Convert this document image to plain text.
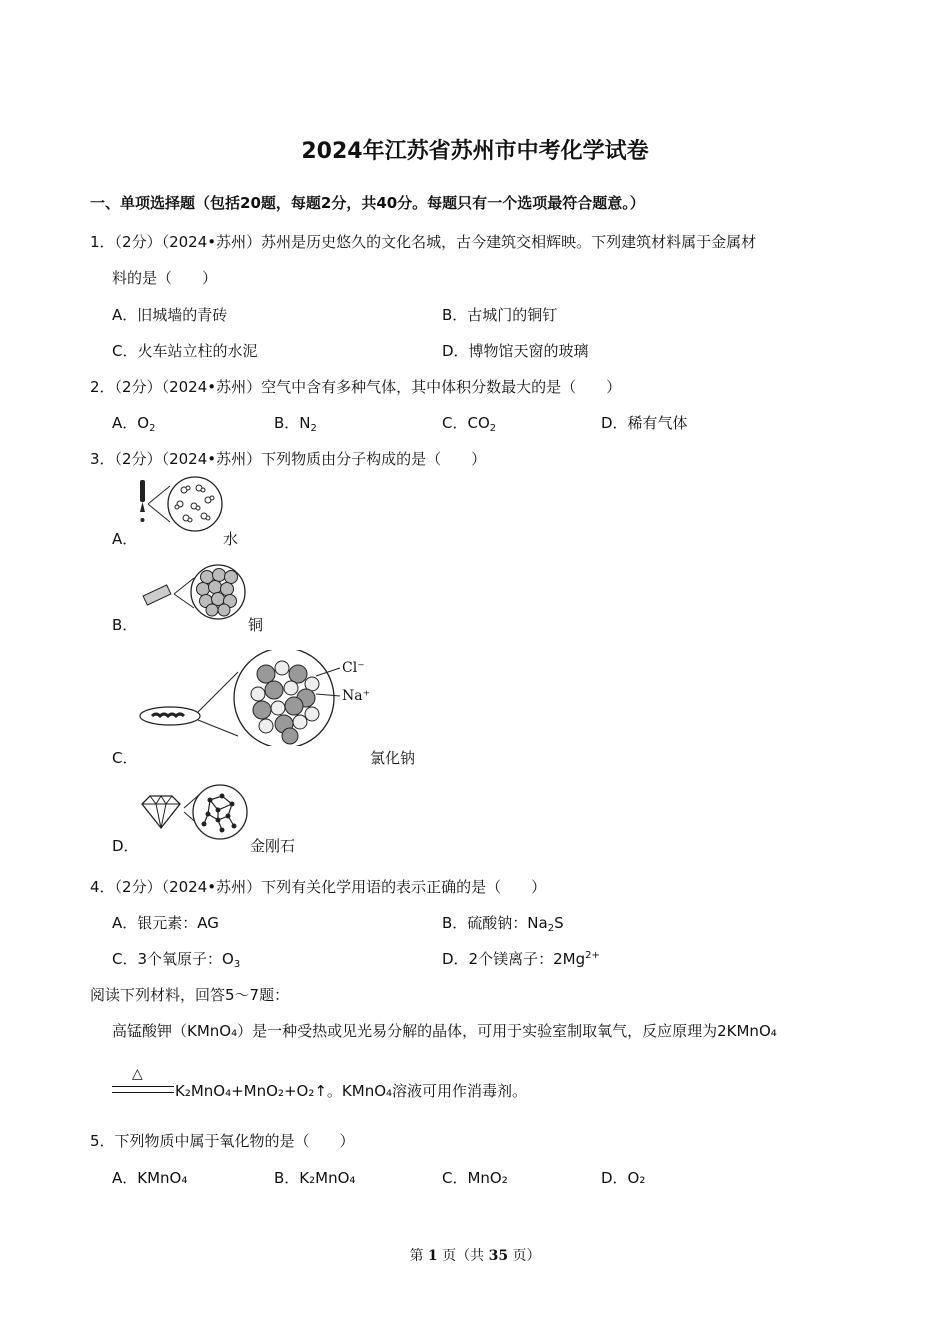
2024年江苏省苏州市中考化学试卷
一、单项选择题（包括20题，每题2分，共40分。每题只有一个选项最符合题意。）
1．（2分）（2024•苏州）苏州是历史悠久的文化名城，古今建筑交相辉映。下列建筑材料属于金属材
料的是（　　）
A．旧城墙的青砖	B．古城门的铜钉
C．火车站立柱的水泥	D．博物馆天窗的玻璃
2．（2分）（2024•苏州）空气中含有多种气体，其中体积分数最大的是（　　）
A．$O_2$	B．$N_2$	C．$CO_2$	D．稀有气体
3．（2分）（2024•苏州）下列物质由分子构成的是（　　）
A．	水
B．	铜
Cl⁻
Na⁺
C．	氯化钠
D．	金刚石
4．（2分）（2024•苏州）下列有关化学用语的表示正确的是（　　）
A．银元素：AG	B．硫酸钠：$Na_2S$
C．3个氧原子：$O_3$	D．2个镁离子：$2Mg^{2+}$
阅读下列材料，回答5～7题：
高锰酸钾（KMnO₄）是一种受热或见光易分解的晶体，可用于实验室制取氧气，反应原理为2KMnO₄
△
K₂MnO₄+MnO₂+O₂↑。KMnO₄溶液可用作消毒剂。
5．下列物质中属于氧化物的是（　　）
A．KMnO₄	B．K₂MnO₄	C．MnO₂	D．O₂
第 1 页（共 35 页）
